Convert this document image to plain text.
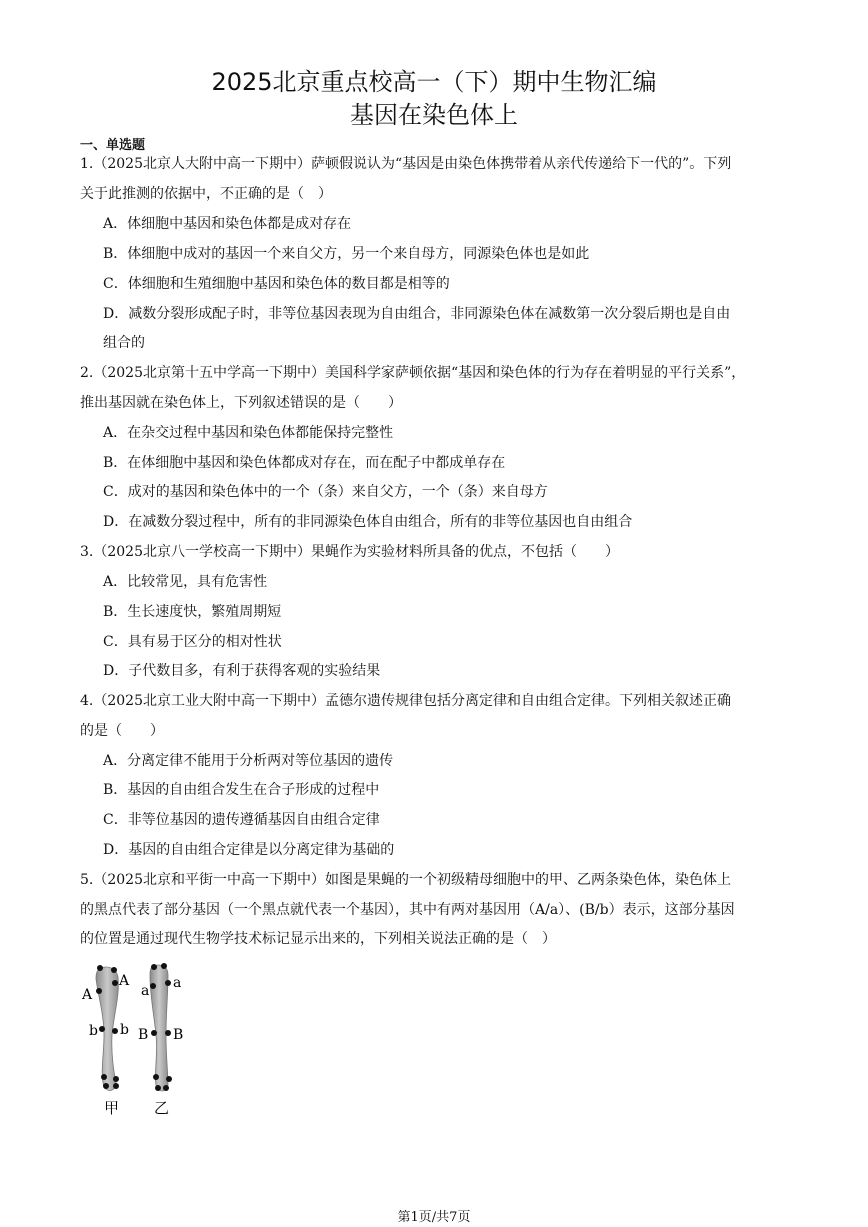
2025北京重点校高一（下）期中生物汇编
基因在染色体上
一、单选题
1.（2025北京人大附中高一下期中）萨顿假说认为“基因是由染色体携带着从亲代传递给下一代的”。下列
关于此推测的依据中，不正确的是（　）
A．体细胞中基因和染色体都是成对存在
B．体细胞中成对的基因一个来自父方，另一个来自母方，同源染色体也是如此
C．体细胞和生殖细胞中基因和染色体的数目都是相等的
D．减数分裂形成配子时，非等位基因表现为自由组合，非同源染色体在减数第一次分裂后期也是自由
组合的
2.（2025北京第十五中学高一下期中）美国科学家萨顿依据“基因和染色体的行为存在着明显的平行关系”，
推出基因就在染色体上，下列叙述错误的是（　　）
A．在杂交过程中基因和染色体都能保持完整性
B．在体细胞中基因和染色体都成对存在，而在配子中都成单存在
C．成对的基因和染色体中的一个（条）来自父方，一个（条）来自母方
D．在减数分裂过程中，所有的非同源染色体自由组合，所有的非等位基因也自由组合
3.（2025北京八一学校高一下期中）果蝇作为实验材料所具备的优点，不包括（　　）
A．比较常见，具有危害性
B．生长速度快，繁殖周期短
C．具有易于区分的相对性状
D．子代数目多，有利于获得客观的实验结果
4.（2025北京工业大附中高一下期中）孟德尔遗传规律包括分离定律和自由组合定律。下列相关叙述正确
的是（　　）
A．分离定律不能用于分析两对等位基因的遗传
B．基因的自由组合发生在合子形成的过程中
C．非等位基因的遗传遵循基因自由组合定律
D．基因的自由组合定律是以分离定律为基础的
5.（2025北京和平街一中高一下期中）如图是果蝇的一个初级精母细胞中的甲、乙两条染色体，染色体上
的黑点代表了部分基因（一个黑点就代表一个基因），其中有两对基因用（A/a）、(B/b）表示，这部分基因
的位置是通过现代生物学技术标记显示出来的，下列相关说法正确的是（　）
A
A
b b
a a
B B
甲 乙
第1页/共7页
